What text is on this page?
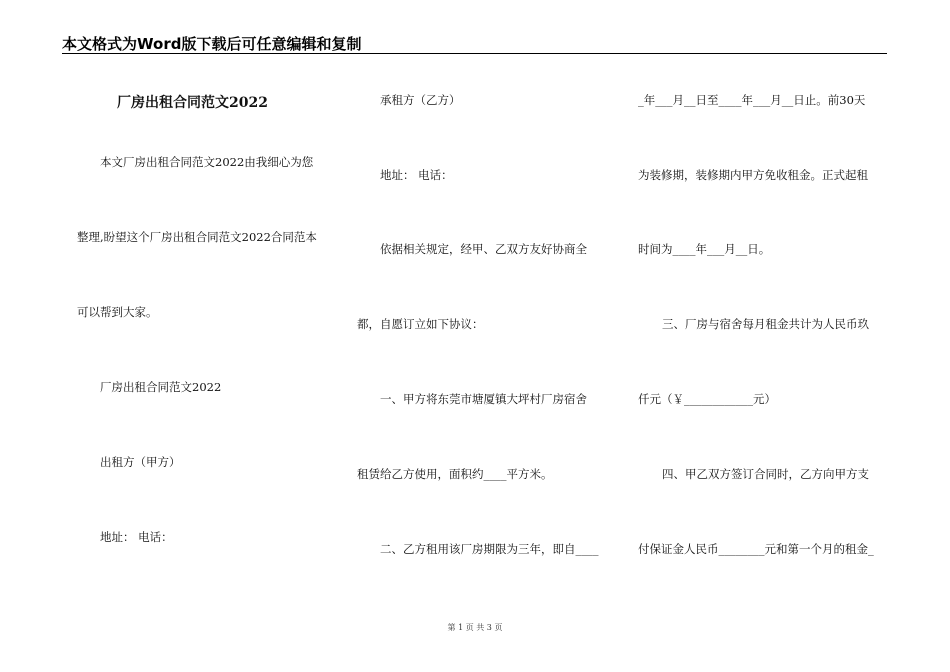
本文格式为Word版下载后可任意编辑和复制
厂房出租合同范文2022
本文厂房出租合同范文2022由我细心为您
整理,盼望这个厂房出租合同范文2022合同范本
可以帮到大家。
厂房出租合同范文2022
出租方（甲方）
地址： 电话：
承租方（乙方）
地址： 电话：
依据相关规定，经甲、乙双方友好协商全
都，自愿订立如下协议：
一、甲方将东莞市塘厦镇大坪村厂房宿舍
租赁给乙方使用，面积约____平方米。
二、乙方租用该厂房期限为三年，即自____
_年___月__日至____年___月__日止。前30天
为装修期，装修期内甲方免收租金。正式起租
时间为____年___月__日。
三、厂房与宿舍每月租金共计为人民币玖
仟元（￥____________元）
四、甲乙双方签订合同时，乙方向甲方支
付保证金人民币________元和第一个月的租金_
第 1 页 共 3 页
